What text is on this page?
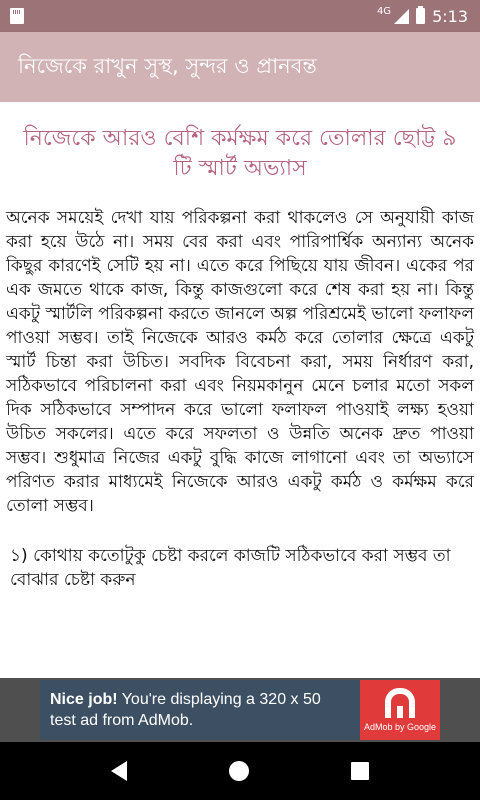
4G	5:13
নিজেকে রাখুন সুস্থ, সুন্দর ও প্রানবন্ত
নিজেকে আরও বেশি কর্মক্ষম করে তোলার ছোট্ট ৯ টি স্মার্ট অভ্যাস

অনেক সময়েই দেখা যায় পরিকল্পনা করা থাকলেও সে অনুযায়ী কাজ করা হয়ে উঠে না। সময় বের করা এবং পারিপার্শ্বিক অন্যান্য অনেক কিছুর কারণেই সেটি হয় না। এতে করে পিছিয়ে যায় জীবন। একের পর এক জমতে থাকে কাজ, কিন্তু কাজগুলো করে শেষ করা হয় না। কিন্তু একটু স্মার্টলি পরিকল্পনা করতে জানলে অল্প পরিশ্রমেই ভালো ফলাফল পাওয়া সম্ভব। তাই নিজেকে আরও কর্মঠ করে তোলার ক্ষেত্রে একটু স্মার্ট চিন্তা করা উচিত। সবদিক বিবেচনা করা, সময় নির্ধারণ করা, সঠিকভাবে পরিচালনা করা এবং নিয়মকানুন মেনে চলার মতো সকল দিক সঠিকভাবে সম্পাদন করে ভালো ফলাফল পাওয়াই লক্ষ্য হওয়া উচিত সকলের। এতে করে সফলতা ও উন্নতি অনেক দ্রুত পাওয়া সম্ভব। শুধুমাত্র নিজের একটু বুদ্ধি কাজে লাগানো এবং তা অভ্যাসে পরিণত করার মাধ্যমেই নিজেকে আরও একটু কর্মঠ ও কর্মক্ষম করে তোলা সম্ভব।

১) কোথায় কতোটুকু চেষ্টা করলে কাজটি সঠিকভাবে করা সম্ভব তা বোঝার চেষ্টা করুন

Nice job! You're displaying a 320 x 50 test ad from AdMob.	AdMob by Google
